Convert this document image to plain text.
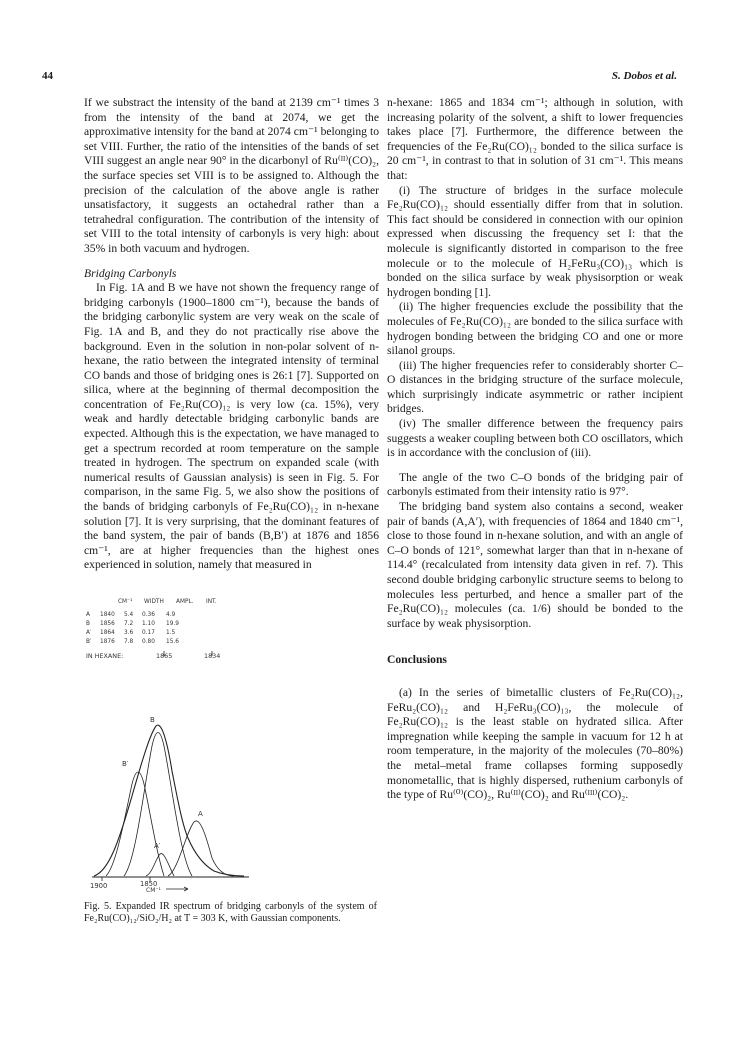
44	S. Dobos et al.

If we substract the intensity of the band at 2139 cm⁻¹ times 3 from the intensity of the band at 2074, we get the approximative intensity for the band at 2074 cm⁻¹ belonging to set VIII. Further, the ratio of the intensities of the bands of set VIII suggest an angle near 90° in the dicarbonyl of Ru⁽ᴵᴵ⁾(CO)₂, the surface species set VIII is to be assigned to. Although the precision of the calculation of the above angle is rather unsatisfactory, it suggests an octahedral rather than a tetrahedral configuration. The contribution of the intensity of set VIII to the total intensity of carbonyls is very high: about 35% in both vacuum and hydrogen.

Bridging Carbonyls

In Fig. 1A and B we have not shown the frequency range of bridging carbonyls (1900–1800 cm⁻¹), because the bands of the bridging carbonylic system are very weak on the scale of Fig. 1A and B, and they do not practically rise above the background. Even in the solution in non-polar solvent of n-hexane, the ratio between the integrated intensity of terminal CO bands and those of bridging ones is 26:1 [7]. Supported on silica, where at the beginning of thermal decomposition the concentration of Fe₂Ru(CO)₁₂ is very low (ca. 15%), very weak and hardly detectable bridging carbonylic bands are expected. Although this is the expectation, we have managed to get a spectrum recorded at room temperature on the sample treated in hydrogen. The spectrum on expanded scale (with numerical results of Gaussian analysis) is seen in Fig. 5. For comparison, in the same Fig. 5, we also show the positions of the bands of bridging carbonyls of Fe₂Ru(CO)₁₂ in n-hexane solution [7]. It is very surprising, that the dominant features of the band system, the pair of bands (B,B′) at 1876 and 1856 cm⁻¹, are at higher frequencies than the highest ones experienced in solution, namely that measured in

CM⁻¹ WIDTH AMPL. INT.
A 1840 5.4 0.36 4.9
B 1856 7.2 1.10 19.9
A′ 1864 3.6 0.17 1.5
B′ 1876 7.8 0.80 15.6
IN HEXANE:	1865	1834
B
B′
A
A′
1900	1850
CM⁻¹
Fig. 5. Expanded IR spectrum of bridging carbonyls of the system of Fe₂Ru(CO)₁₂/SiO₂/H₂ at T = 303 K, with Gaussian components.

n-hexane: 1865 and 1834 cm⁻¹; although in solution, with increasing polarity of the solvent, a shift to lower frequencies takes place [7]. Furthermore, the difference between the frequencies of the Fe₂Ru(CO)₁₂ bonded to the silica surface is 20 cm⁻¹, in contrast to that in solution of 31 cm⁻¹. This means that:

(i) The structure of bridges in the surface molecule Fe₂Ru(CO)₁₂ should essentially differ from that in solution. This fact should be considered in connection with our opinion expressed when discussing the frequency set I: that the molecule is significantly distorted in comparison to the free molecule or to the molecule of H₂FeRu₃(CO)₁₃ which is bonded on the silica surface by weak physisorption or weak hydrogen bonding [1].

(ii) The higher frequencies exclude the possibility that the molecules of Fe₂Ru(CO)₁₂ are bonded to the silica surface with hydrogen bonding between the bridging CO and one or more silanol groups.

(iii) The higher frequencies refer to considerably shorter C–O distances in the bridging structure of the surface molecule, which surprisingly indicate asymmetric or rather incipient bridges.

(iv) The smaller difference between the frequency pairs suggests a weaker coupling between both CO oscillators, which is in accordance with the conclusion of (iii).

The angle of the two C–O bonds of the bridging pair of carbonyls estimated from their intensity ratio is 97°.

The bridging band system also contains a second, weaker pair of bands (A,A′), with frequencies of 1864 and 1840 cm⁻¹, close to those found in n-hexane solution, and with an angle of C–O bonds of 121°, somewhat larger than that in n-hexane of 114.4° (recalculated from intensity data given in ref. 7). This second double bridging carbonylic structure seems to belong to molecules less perturbed, and hence a smaller part of the Fe₂Ru(CO)₁₂ molecules (ca. 1/6) should be bonded to the surface by weak physisorption.

Conclusions

(a) In the series of bimetallic clusters of Fe₂Ru(CO)₁₂, FeRu₂(CO)₁₂ and H₂FeRu₃(CO)₁₃, the molecule of Fe₂Ru(CO)₁₂ is the least stable on hydrated silica. After impregnation while keeping the sample in vacuum for 12 h at room temperature, in the majority of the molecules (70–80%) the metal–metal frame collapses forming supposedly monometallic, that is highly dispersed, ruthenium carbonyls of the type of Ru⁽⁰⁾(CO)₂, Ru⁽ᴵᴵ⁾(CO)₂ and Ru⁽ᴵᴵᴵ⁾(CO)₂.
